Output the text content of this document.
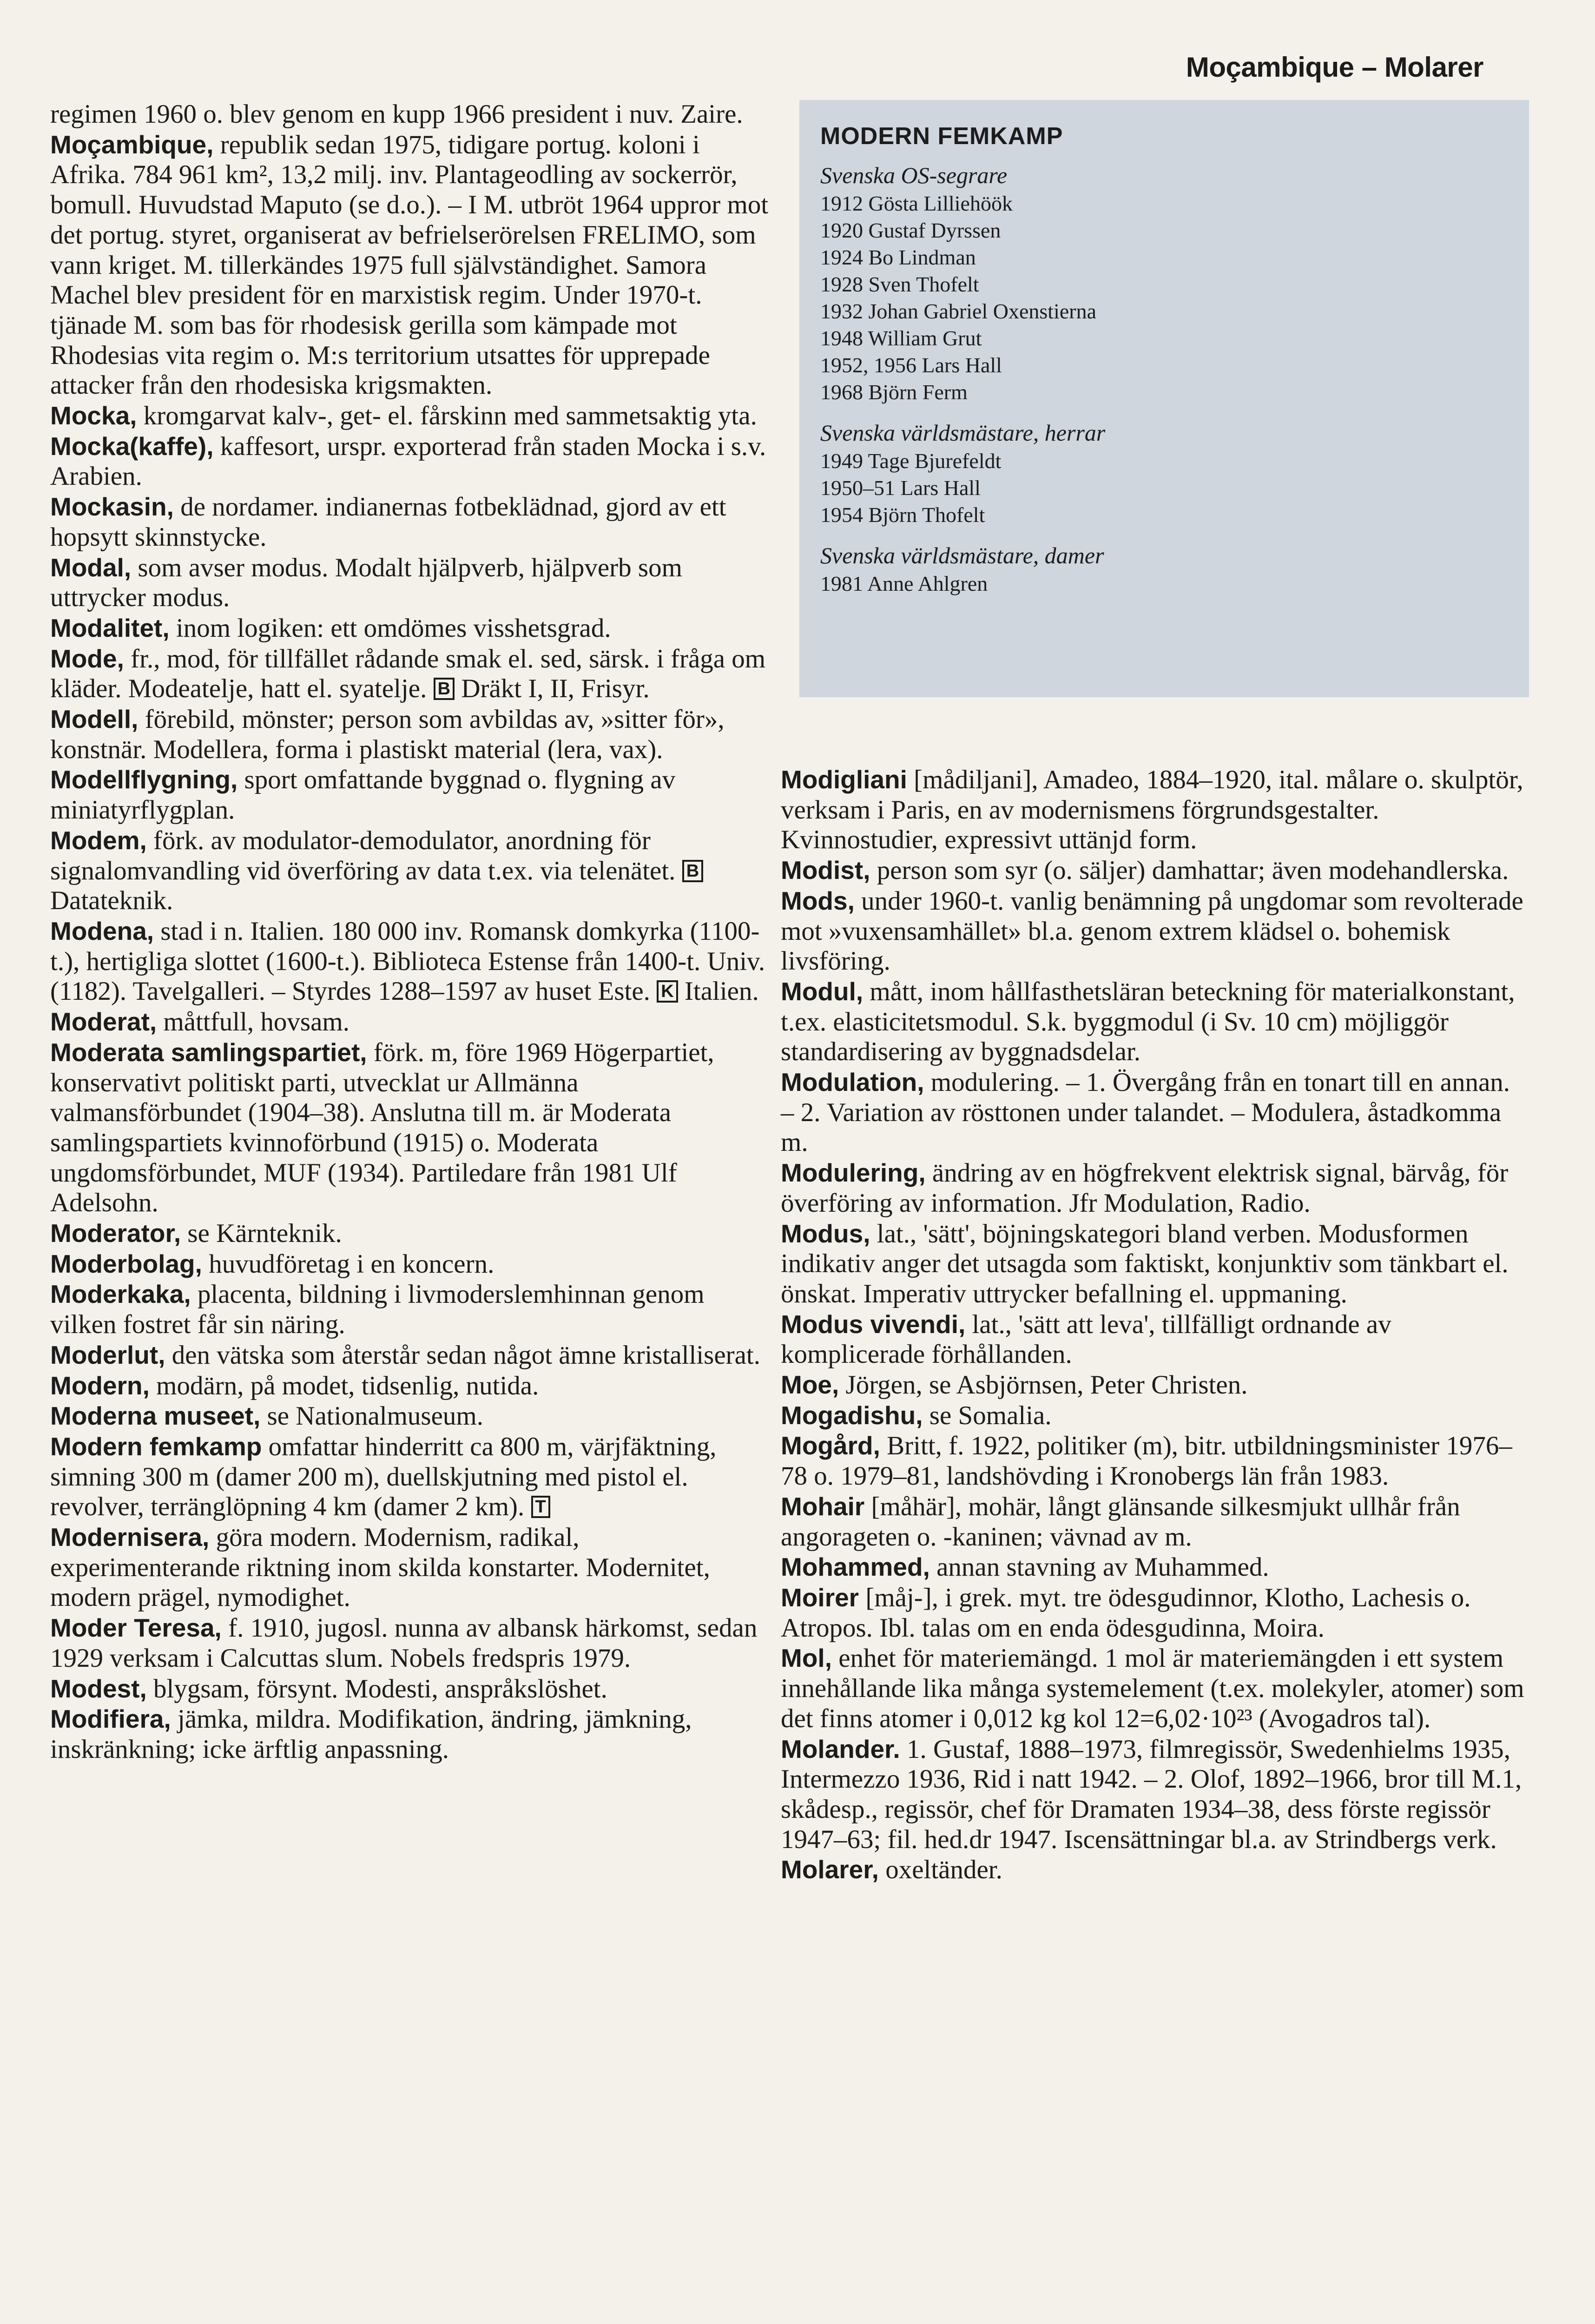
Moçambique – Molarer

regimen 1960 o. blev genom en kupp 1966 president i nuv. Zaire.

Moçambique, republik sedan 1975, tidigare portug. koloni i Afrika. 784 961 km², 13,2 milj. inv. Plantageodling av sockerrör, bomull. Huvudstad Maputo (se d.o.). – I M. utbröt 1964 uppror mot det portug. styret, organiserat av befrielserörelsen FRELIMO, som vann kriget. M. tillerkändes 1975 full självständighet. Samora Machel blev president för en marxistisk regim. Under 1970-t. tjänade M. som bas för rhodesisk gerilla som kämpade mot Rhodesias vita regim o. M:s territorium utsattes för upprepade attacker från den rhodesiska krigsmakten.

Mocka, kromgarvat kalv-, get- el. fårskinn med sammetsaktig yta.

Mocka(kaffe), kaffesort, urspr. exporterad från staden Mocka i s.v. Arabien.

Mockasin, de nordamer. indianernas fotbeklädnad, gjord av ett hopsytt skinnstycke.

Modal, som avser modus. Modalt hjälpverb, hjälpverb som uttrycker modus.

Modalitet, inom logiken: ett omdömes visshetsgrad.

Mode, fr., mod, för tillfället rådande smak el. sed, särsk. i fråga om kläder. Modeatelje, hatt el. syatelje. B Dräkt I, II, Frisyr.

Modell, förebild, mönster; person som avbildas av, »sitter för», konstnär. Modellera, forma i plastiskt material (lera, vax).

Modellflygning, sport omfattande byggnad o. flygning av miniatyrflygplan.

Modem, förk. av modulator-demodulator, anordning för signalomvandling vid överföring av data t.ex. via telenätet. B Datateknik.

Modena, stad i n. Italien. 180 000 inv. Romansk domkyrka (1100-t.), hertigliga slottet (1600-t.). Biblioteca Estense från 1400-t. Univ. (1182). Tavelgalleri. – Styrdes 1288–1597 av huset Este. K Italien.

Moderat, måttfull, hovsam.

Moderata samlingspartiet, förk. m, före 1969 Högerpartiet, konservativt politiskt parti, utvecklat ur Allmänna valmansförbundet (1904–38). Anslutna till m. är Moderata samlingspartiets kvinnoförbund (1915) o. Moderata ungdomsförbundet, MUF (1934). Partiledare från 1981 Ulf Adelsohn.

Moderator, se Kärnteknik.

Moderbolag, huvudföretag i en koncern.

Moderkaka, placenta, bildning i livmoderslemhinnan genom vilken fostret får sin näring.

Moderlut, den vätska som återstår sedan något ämne kristalliserat.

Modern, modärn, på modet, tidsenlig, nutida.

Moderna museet, se Nationalmuseum.

Modern femkamp omfattar hinderritt ca 800 m, värjfäktning, simning 300 m (damer 200 m), duellskjutning med pistol el. revolver, terränglöpning 4 km (damer 2 km). T

Modernisera, göra modern. Modernism, radikal, experimenterande riktning inom skilda konstarter. Modernitet, modern prägel, nymodighet.

Moder Teresa, f. 1910, jugosl. nunna av albansk härkomst, sedan 1929 verksam i Calcuttas slum. Nobels fredspris 1979.

Modest, blygsam, försynt. Modesti, anspråkslöshet.

Modifiera, jämka, mildra. Modifikation, ändring, jämkning, inskränkning; icke ärftlig anpassning.

MODERN FEMKAMP
Svenska OS-segrare
1912 Gösta Lilliehöök
1920 Gustaf Dyrssen
1924 Bo Lindman
1928 Sven Thofelt
1932 Johan Gabriel Oxenstierna
1948 William Grut
1952, 1956 Lars Hall
1968 Björn Ferm
Svenska världsmästare, herrar
1949 Tage Bjurefeldt
1950–51 Lars Hall
1954 Björn Thofelt
Svenska världsmästare, damer
1981 Anne Ahlgren

Modigliani [mådiljani], Amadeo, 1884–1920, ital. målare o. skulptör, verksam i Paris, en av modernismens förgrundsgestalter. Kvinnostudier, expressivt uttänjd form.

Modist, person som syr (o. säljer) damhattar; även modehandlerska.

Mods, under 1960-t. vanlig benämning på ungdomar som revolterade mot »vuxensamhället» bl.a. genom extrem klädsel o. bohemisk livsföring.

Modul, mått, inom hållfasthetsläran beteckning för materialkonstant, t.ex. elasticitetsmodul. S.k. byggmodul (i Sv. 10 cm) möjliggör standardisering av byggnadsdelar.

Modulation, modulering. – 1. Övergång från en tonart till en annan. – 2. Variation av rösttonen under talandet. – Modulera, åstadkomma m.

Modulering, ändring av en högfrekvent elektrisk signal, bärvåg, för överföring av information. Jfr Modulation, Radio.

Modus, lat., 'sätt', böjningskategori bland verben. Modusformen indikativ anger det utsagda som faktiskt, konjunktiv som tänkbart el. önskat. Imperativ uttrycker befallning el. uppmaning.

Modus vivendi, lat., 'sätt att leva', tillfälligt ordnande av komplicerade förhållanden.

Moe, Jörgen, se Asbjörnsen, Peter Christen.

Mogadishu, se Somalia.

Mogård, Britt, f. 1922, politiker (m), bitr. utbildningsminister 1976–78 o. 1979–81, landshövding i Kronobergs län från 1983.

Mohair [måhär], mohär, långt glänsande silkesmjukt ullhår från angorageten o. -kaninen; vävnad av m.

Mohammed, annan stavning av Muhammed.

Moirer [måj-], i grek. myt. tre ödesgudinnor, Klotho, Lachesis o. Atropos. Ibl. talas om en enda ödesgudinna, Moira.

Mol, enhet för materiemängd. 1 mol är materiemängden i ett system innehållande lika många systemelement (t.ex. molekyler, atomer) som det finns atomer i 0,012 kg kol 12=6,02·10²³ (Avogadros tal).

Molander. 1. Gustaf, 1888–1973, filmregissör, Swedenhielms 1935, Intermezzo 1936, Rid i natt 1942. – 2. Olof, 1892–1966, bror till M.1, skådesp., regissör, chef för Dramaten 1934–38, dess förste regissör 1947–63; fil. hed.dr 1947. Iscensättningar bl.a. av Strindbergs verk.

Molarer, oxeltänder.
